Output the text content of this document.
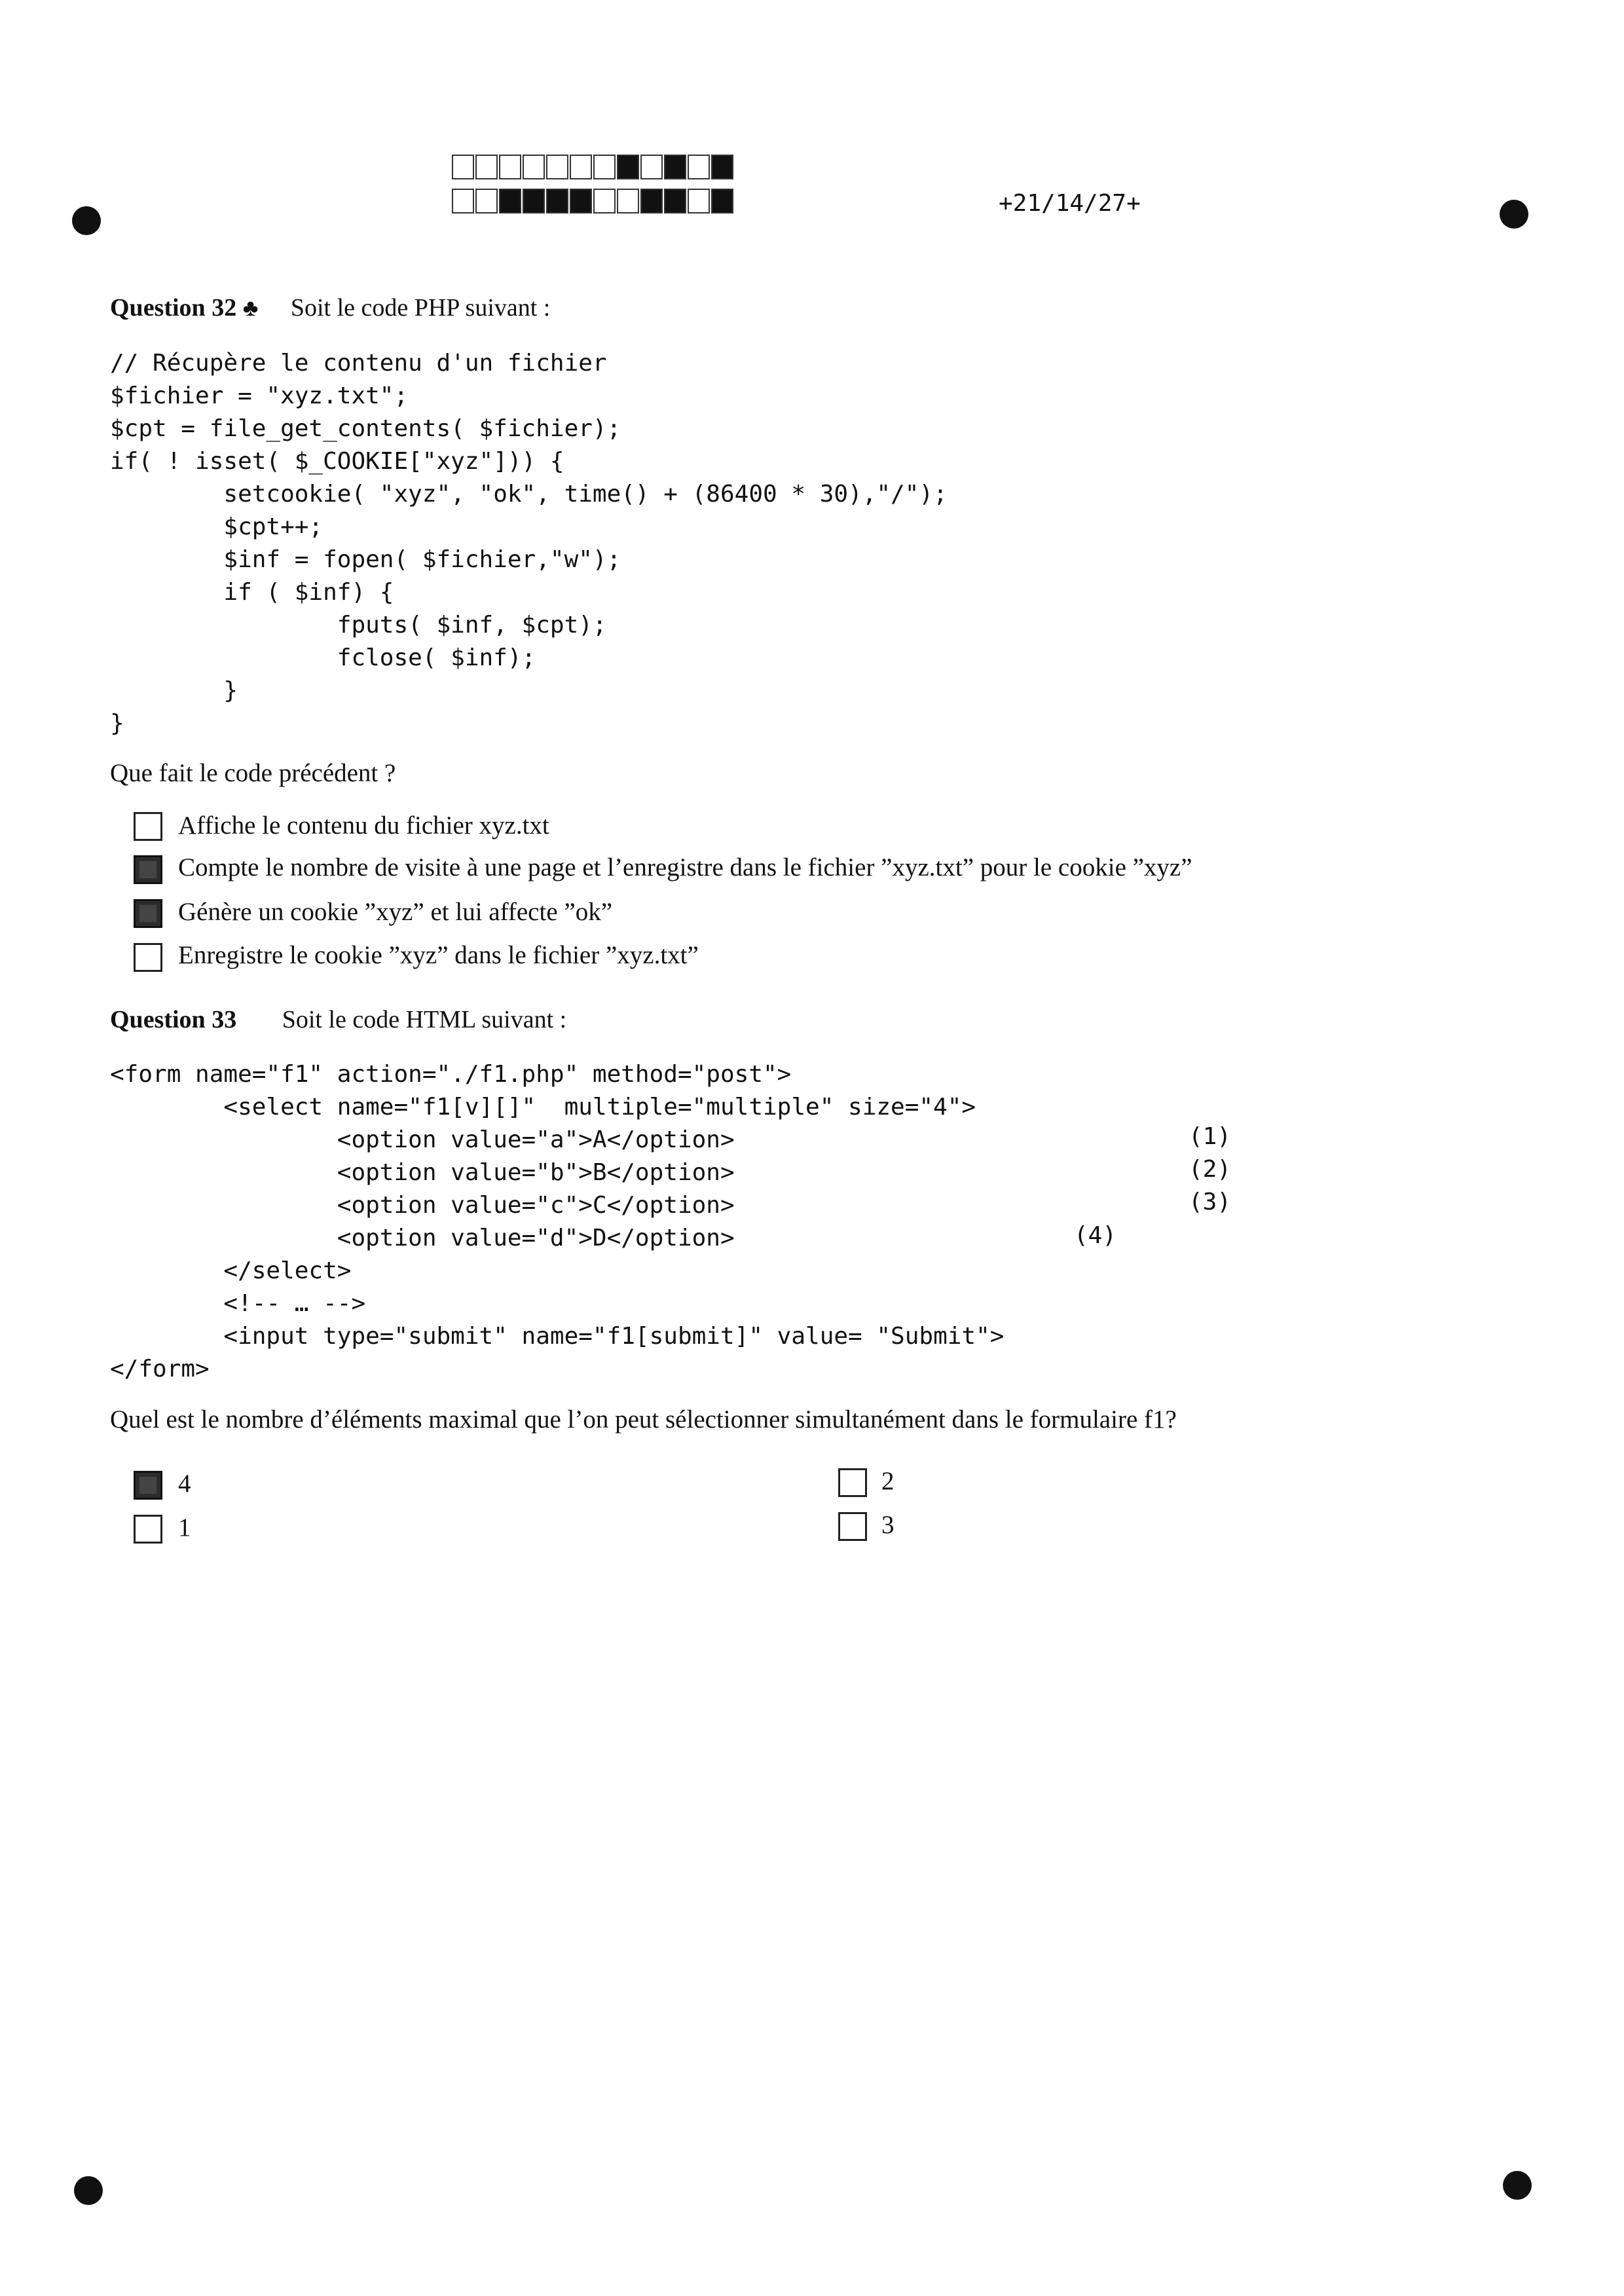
+21/14/27+
Question 32 ♣ Soit le code PHP suivant :
// Récupère le contenu d'un fichier
$fichier = "xyz.txt";
$cpt = file_get_contents( $fichier);
if( ! isset( $_COOKIE["xyz"])) {
setcookie( "xyz", "ok", time() + (86400 * 30),"/");
$cpt++;
$inf = fopen( $fichier,"w");
if ( $inf) {
fputs( $inf, $cpt);
fclose( $inf);
}
}
Que fait le code précédent ?
Affiche le contenu du fichier xyz.txt
Compte le nombre de visite à une page et l’enregistre dans le fichier ”xyz.txt” pour le cookie ”xyz”
Génère un cookie ”xyz” et lui affecte ”ok”
Enregistre le cookie ”xyz” dans le fichier ”xyz.txt”
Question 33 Soit le code HTML suivant :
<form name="f1" action="./f1.php" method="post">
<select name="f1[v][]"  multiple="multiple" size="4">
<option value="a">A</option>
<option value="b">B</option>
<option value="c">C</option>
<option value="d">D</option>
</select>
<!-- … -->
<input type="submit" name="f1[submit]" value= "Submit">
</form>
(1)
(2)
(3)
(4)
Quel est le nombre d’éléments maximal que l’on peut sélectionner simultanément dans le formulaire f1?
4
1
2
3
